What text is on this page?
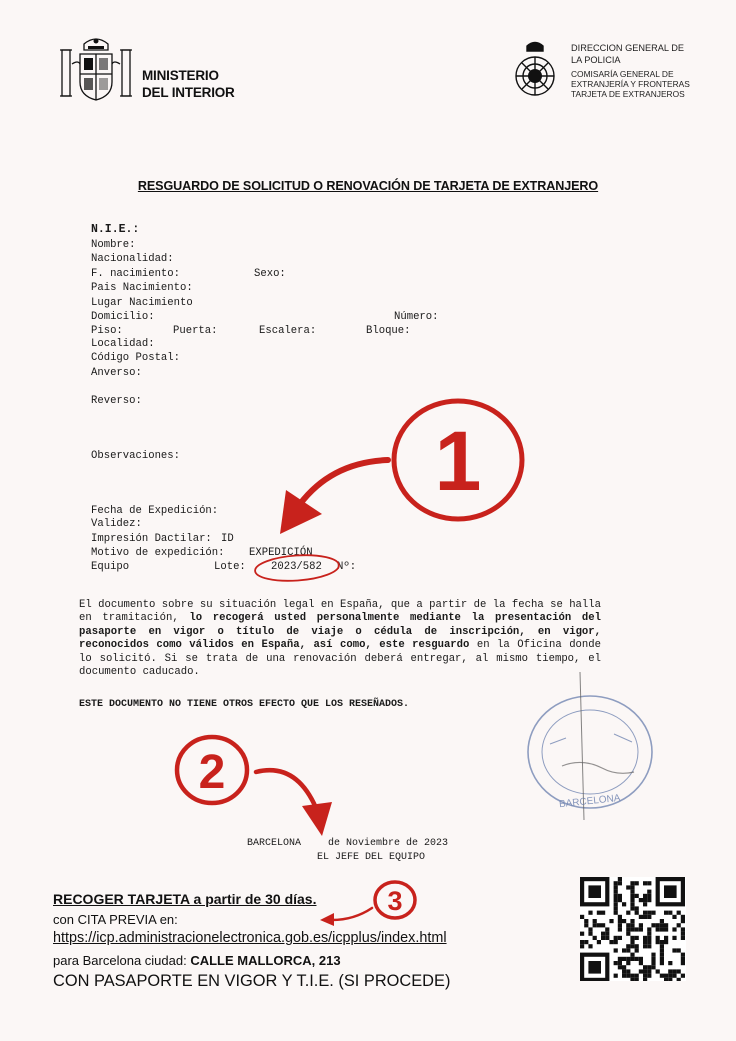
MINISTERIO
DEL INTERIOR
DIRECCION GENERAL DE
LA POLICIA
COMISARÍA GENERAL DE
EXTRANJERÍA Y FRONTERAS
TARJETA DE EXTRANJEROS
RESGUARDO DE SOLICITUD O RENOVACIÓN DE TARJETA DE EXTRANJERO
N.I.E.:
Nombre:
Nacionalidad:
F. nacimiento:	Sexo:
Pais Nacimiento:
Lugar Nacimiento
Domicilio:	Número:
Piso:	Puerta:	Escalera:	Bloque:
Localidad:
Código Postal:
Anverso:
Reverso:
Observaciones:
Fecha de Expedición:
Validez:
Impresión Dactilar: ID
Motivo de expedición: EXPEDICIÓN
Equipo	Lote: 2023/582 Nº:
El documento sobre su situación legal en España, que a partir de la fecha se halla en tramitación, lo recogerá usted personalmente mediante la presentación del pasaporte en vigor o título de viaje o cédula de inscripción, en vigor, reconocidos como válidos en España, así como, este resguardo en la Oficina donde lo solicitó. Si se trata de una renovación deberá entregar, al mismo tiempo, el documento caducado.
ESTE DOCUMENTO NO TIENE OTROS EFECTO QUE LOS RESEÑADOS.
BARCELONA
BARCELONA	de Noviembre de 2023
EL JEFE DEL EQUIPO
1
2
3
RECOGER TARJETA a partir de 30 días.
con CITA PREVIA en:
https://icp.administracionelectronica.gob.es/icpplus/index.html
para Barcelona ciudad: CALLE MALLORCA, 213
CON PASAPORTE EN VIGOR Y T.I.E. (SI PROCEDE)
